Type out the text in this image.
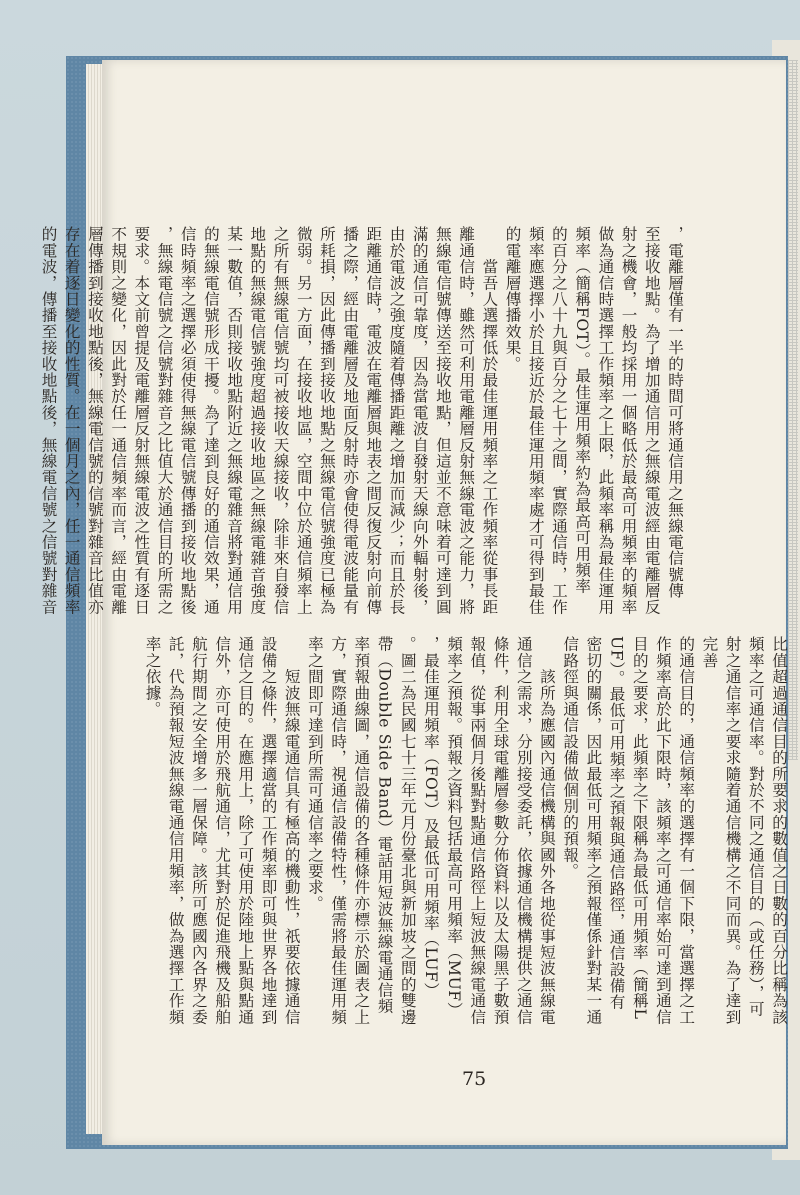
，電離層僅有一半的時間可將通信用之無線電信號傳
至接收地點。為了增加通信用之無線電波經由電離層反
射之機會，一般均採用一個略低於最高可用頻率的頻率
做為通信時選擇工作頻率之上限，此頻率稱為最佳運用
頻率（簡稱FOT）。最佳運用頻率約為最高可用頻率
的百分之八十九與百分之七十之間，實際通信時，工作
頻率應選擇小於且接近於最佳運用頻率處才可得到最佳
的電離層傳播效果。
　　當吾人選擇低於最佳運用頻率之工作頻率從事長距
離通信時，雖然可利用電離層反射無線電波之能力，將
無線電信號傳送至接收地點，但這並不意味着可達到圓
滿的通信可靠度，因為當電波自發射天線向外輻射後，
由於電波之強度隨着傳播距離之增加而減少；而且於長
距離通信時，電波在電離層與地表之間反復反射向前傳
播之際，經由電離層及地面反射時亦會使得電波能量有
所耗損，因此傳播到接收地點之無線電信號強度已極為
微弱。另一方面，在接收地區，空間中位於通信頻率上
之所有無線電信號均可被接收天線接收，除非來自發信
地點的無線電信號強度超過接收地區之無線電雜音強度
某一數值，否則接收地點附近之無線電雜音將對通信用
的無線電信號形成干擾。為了達到良好的通信效果，通
信時頻率之選擇必須使得無線電信號傳播到接收地點後
，無線電信號之信號對雜音之比值大於通信目的所需之
要求。本文前曾提及電離層反射無線電波之性質有逐日
不規則之變化，因此對於任一通信頻率而言，經由電離
層傳播到接收地點後，無線電信號的信號對雜音比值亦
存在着逐日變化的性質。在一個月之內，任一通信頻率
的電波，傳播至接收地點後，無線電信號之信號對雜音
比值超過通信目的所要求的數值之日數的百分比稱為該
頻率之可通信率。對於不同之通信目的（或任務），可
射之通信率之要求隨着通信機構之不同而異。為了達到完善
的通信目的，通信頻率的選擇有一個下限，當選擇之工
作頻率高於此下限時，該頻率之可通信率始可達到通信
目的之要求，此頻率之下限稱為最低可用頻率（簡稱L
UF）。最低可用頻率之預報與通信路徑，通信設備有
密切的關係，因此最低可用頻率之預報僅係針對某一通
信路徑與通信設備做個別的預報。
　　該所為應國內通信機構與國外各地從事短波無線電
通信之需求，分別接受委託，依據通信機構提供之通信
條件，利用全球電離層參數分佈資料以及太陽黑子數預
報值，從事兩個月後點對點通信路徑上短波無線電通信
頻率之預報。預報之資料包括最高可用頻率（MUF）
，最佳運用頻率（FOT）及最低可用頻率（LUF）
。圖二為民國七十三年元月份臺北與新加坡之間的雙邊
帶（Double Side Band）電話用短波無線電通信頻
率預報曲線圖，通信設備的各種條件亦標示於圖表之上
方，實際通信時，視通信設備特性，僅需將最佳運用頻
率之間即可達到所需可通信率之要求。
　　短波無線電通信具有極高的機動性，祇要依據通信
設備之條件，選擇適當的工作頻率即可與世界各地達到
通信之目的。在應用上，除了可使用於陸地上點與點通
信外，亦可使用於飛航通信，尤其對於促進飛機及船舶
航行期間之安全增多一層保障。該所可應國內各界之委
託，代為預報短波無線電通信用頻率，做為選擇工作頻
率之依據。
75
